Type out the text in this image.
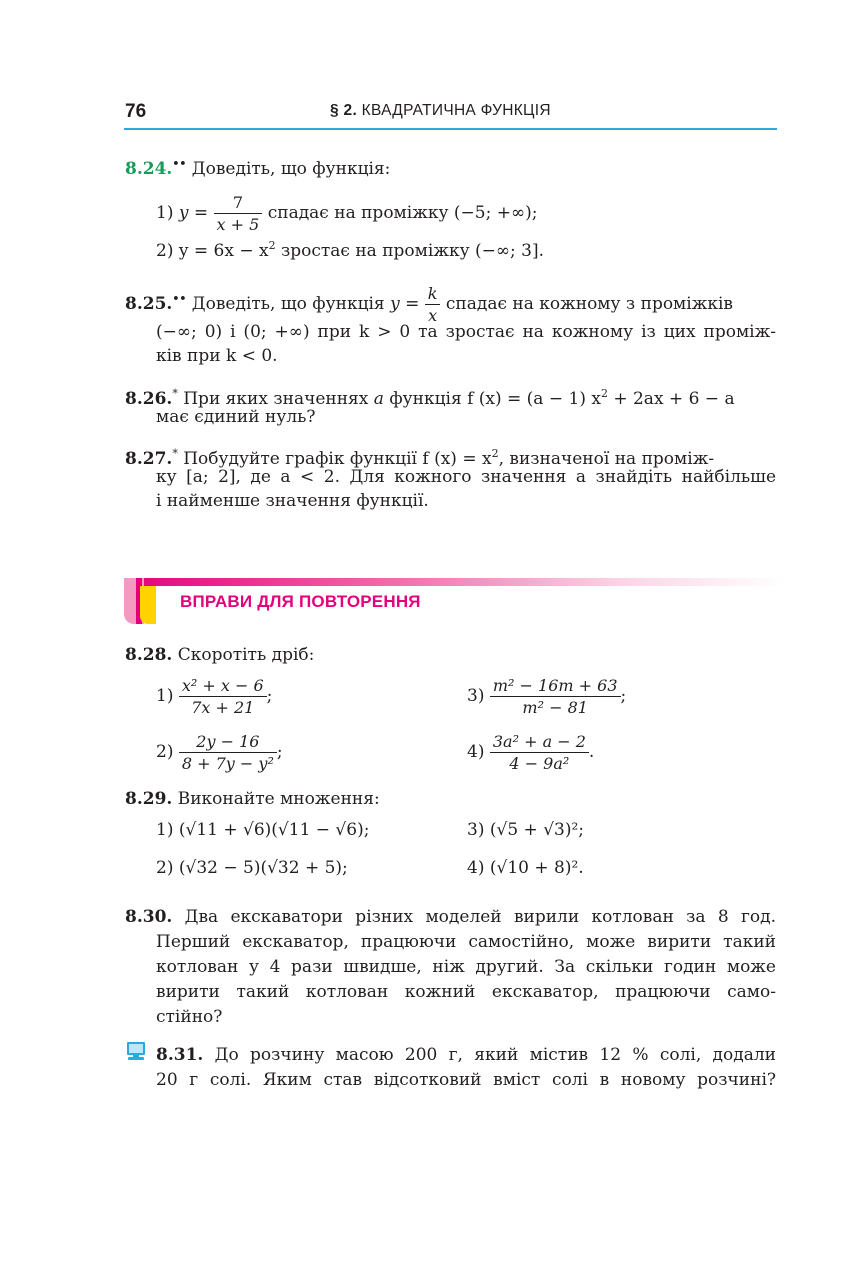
76	§ 2. КВАДРАТИЧНА ФУНКЦІЯ
8.24.•• Доведіть, що функція:
1) $y = \frac{7}{x + 5}$ спадає на проміжку (−5; +∞);
2) $y = 6x - x^2$ зростає на проміжку (−∞; 3].
8.25.•• Доведіть, що функція $y = \frac{k}{x}$ спадає на кожному з проміжків
(−∞; 0) і (0; +∞) при k > 0 та зростає на кожному із цих проміж-
ків при k < 0.
8.26.* При яких значеннях a функція f (x) = (a − 1) $x^2 + 2ax + 6 - a$
має єдиний нуль?
8.27.* Побудуйте графік функції f $(x) = x^2$, визначеної на проміж-
ку [a; 2], де a < 2. Для кожного значення a знайдіть найбільше
і найменше значення функції.
ВПРАВИ ДЛЯ ПОВТОРЕННЯ
8.28. Скоротіть дріб:
$1) \frac{\text{x² + x − 6}}{7x + 21}$ ;	$3) \frac{\text{m² − 16m + 63}}{\text{m² − 81}}$ ;
$2) \frac{2y - 16}{\text{8 + 7y − y²}}$ ;	$4) \frac{\text{3a² + a − 2}}{\text{4 − 9a²}}$ .
8.29. Виконайте множення:
1) (√11 + √6)(√11 − √6);	3) (√5 + √3)²;
2) (√32 − 5)(√32 + 5);	4) (√10 + 8)².
8.30. Два екскаватори різних моделей вирили котлован за 8 год.
Перший екскаватор, працюючи самостійно, може вирити такий
котлован у 4 рази швидше, ніж другий. За скільки годин може
вирити такий котлован кожний екскаватор, працюючи само-
стійно?
8.31. До розчину масою 200 г, який містив 12 % солі, додали
20 г солі. Яким став відсотковий вміст солі в новому розчині?
